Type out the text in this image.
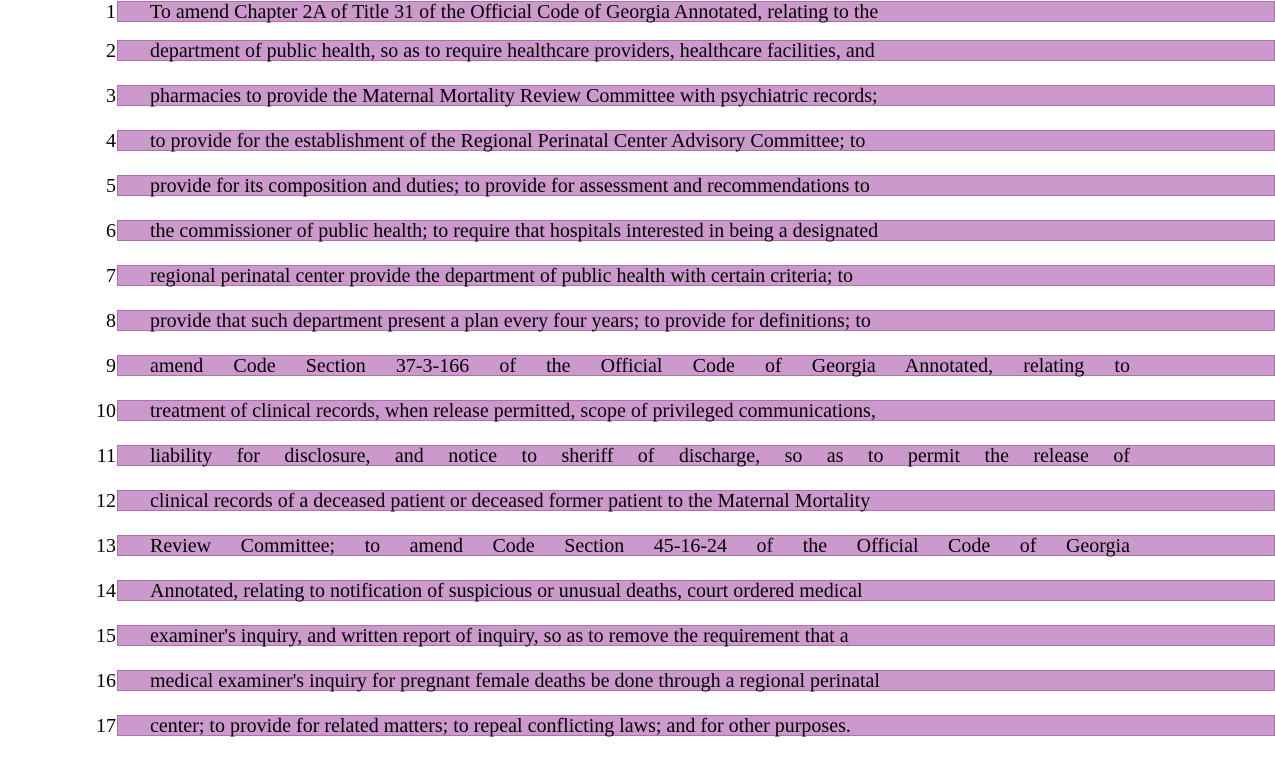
1 To amend Chapter 2A of Title 31 of the Official Code of Georgia Annotated, relating to the
2 department of public health, so as to require healthcare providers, healthcare facilities, and
3 pharmacies to provide the Maternal Mortality Review Committee with psychiatric records;
4 to provide for the establishment of the Regional Perinatal Center Advisory Committee; to
5 provide for its composition and duties; to provide for assessment and recommendations to
6 the commissioner of public health; to require that hospitals interested in being a designated
7 regional perinatal center provide the department of public health with certain criteria; to
8 provide that such department present a plan every four years; to provide for definitions; to
9 amend Code Section 37-3-166 of the Official Code of Georgia Annotated, relating to
10 treatment of clinical records, when release permitted, scope of privileged communications,
11 liability for disclosure, and notice to sheriff of discharge, so as to permit the release of
12 clinical records of a deceased patient or deceased former patient to the Maternal Mortality
13 Review Committee; to amend Code Section 45-16-24 of the Official Code of Georgia
14 Annotated, relating to notification of suspicious or unusual deaths, court ordered medical
15 examiner's inquiry, and written report of inquiry, so as to remove the requirement that a
16 medical examiner's inquiry for pregnant female deaths be done through a regional perinatal
17 center; to provide for related matters; to repeal conflicting laws; and for other purposes.
